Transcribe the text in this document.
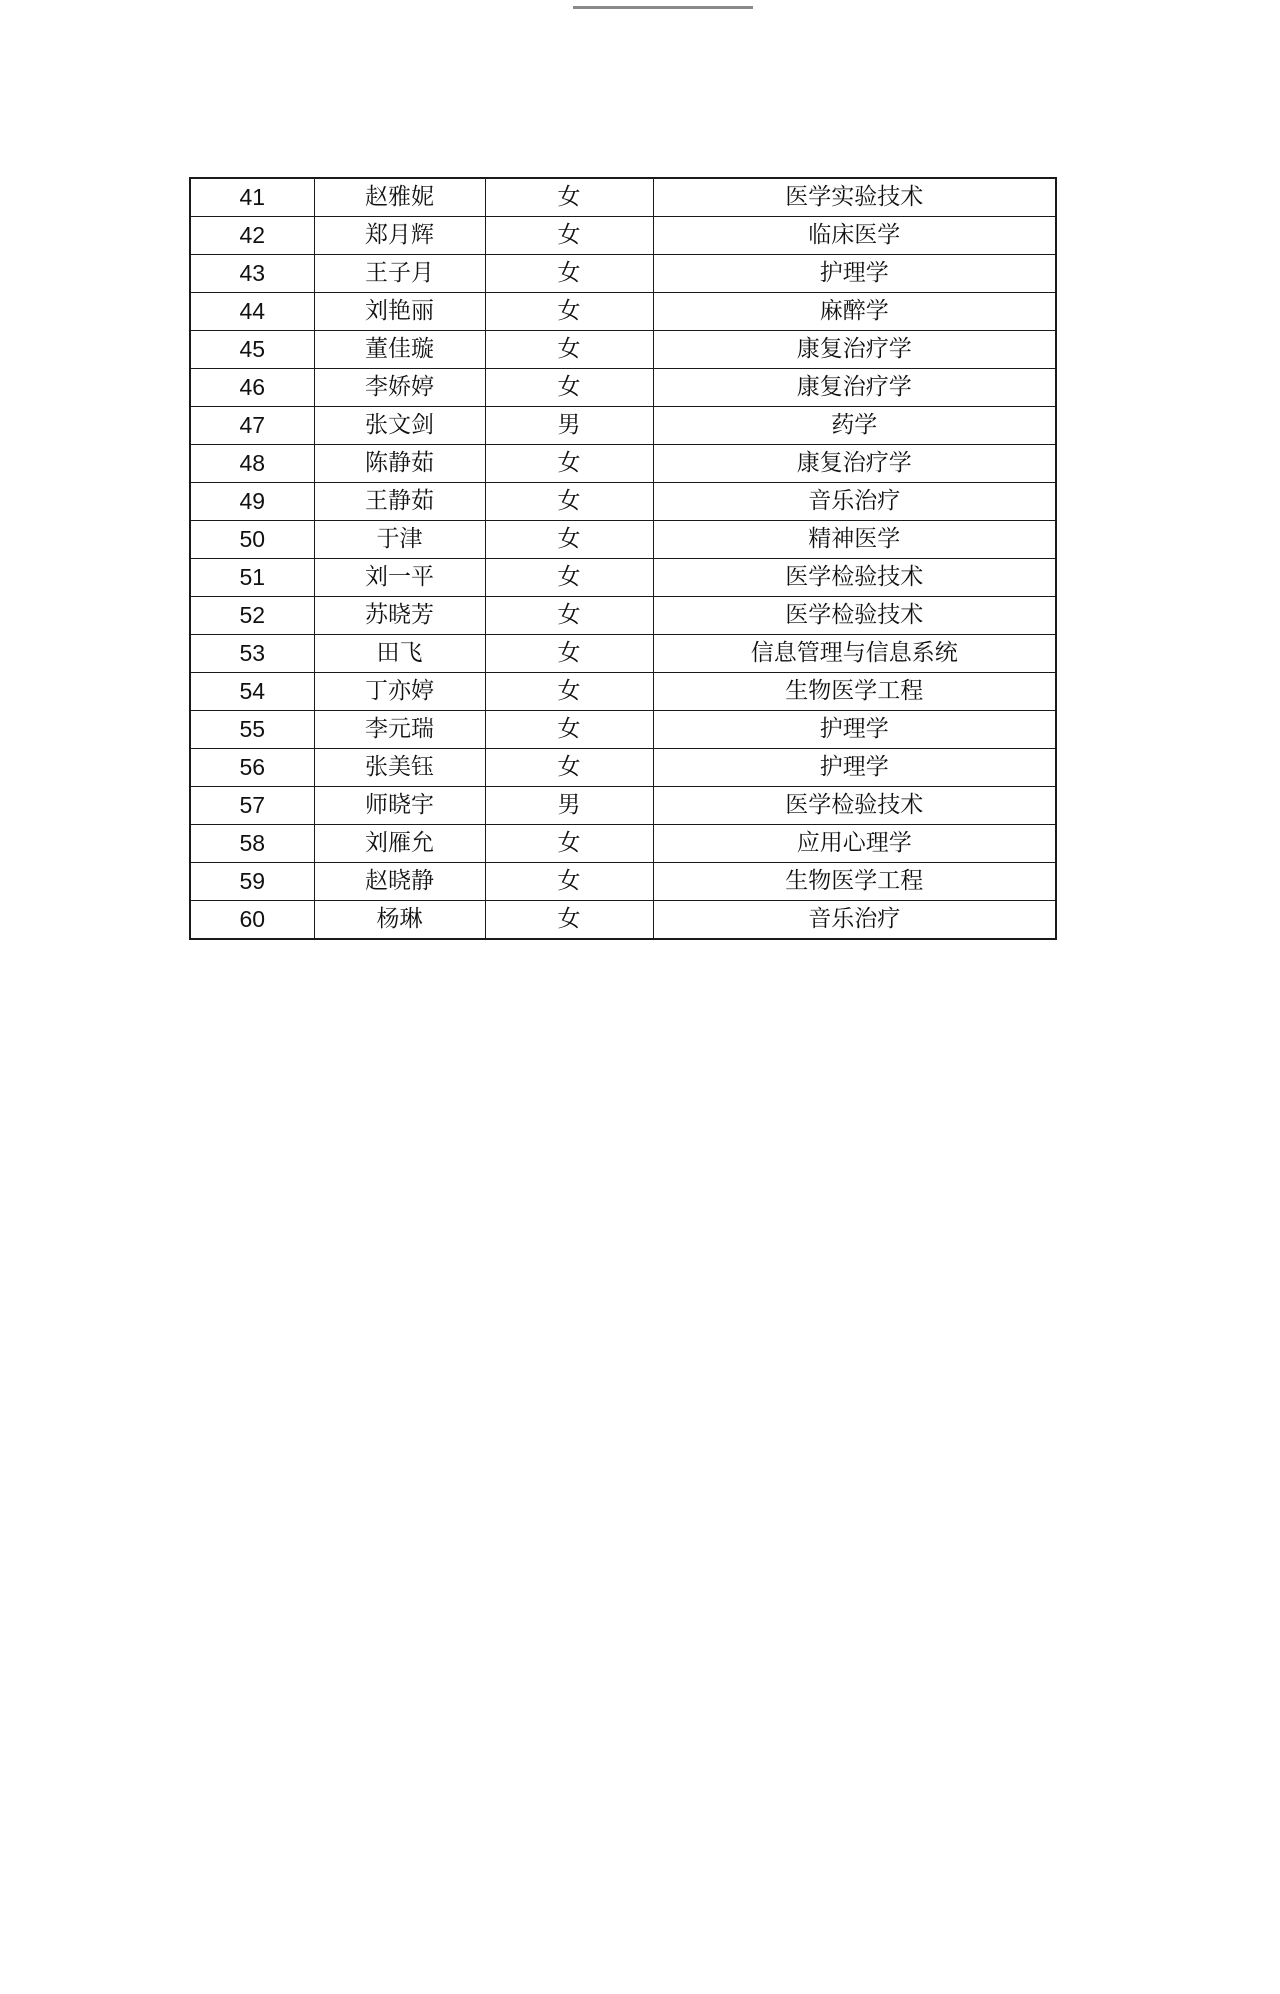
41	赵雅妮	女	医学实验技术
42	郑月辉	女	临床医学
43	王子月	女	护理学
44	刘艳丽	女	麻醉学
45	董佳璇	女	康复治疗学
46	李娇婷	女	康复治疗学
47	张文剑	男	药学
48	陈静茹	女	康复治疗学
49	王静茹	女	音乐治疗
50	于津	女	精神医学
51	刘一平	女	医学检验技术
52	苏晓芳	女	医学检验技术
53	田飞	女	信息管理与信息系统
54	丁亦婷	女	生物医学工程
55	李元瑞	女	护理学
56	张美钰	女	护理学
57	师晓宇	男	医学检验技术
58	刘雁允	女	应用心理学
59	赵晓静	女	生物医学工程
60	杨琳	女	音乐治疗
